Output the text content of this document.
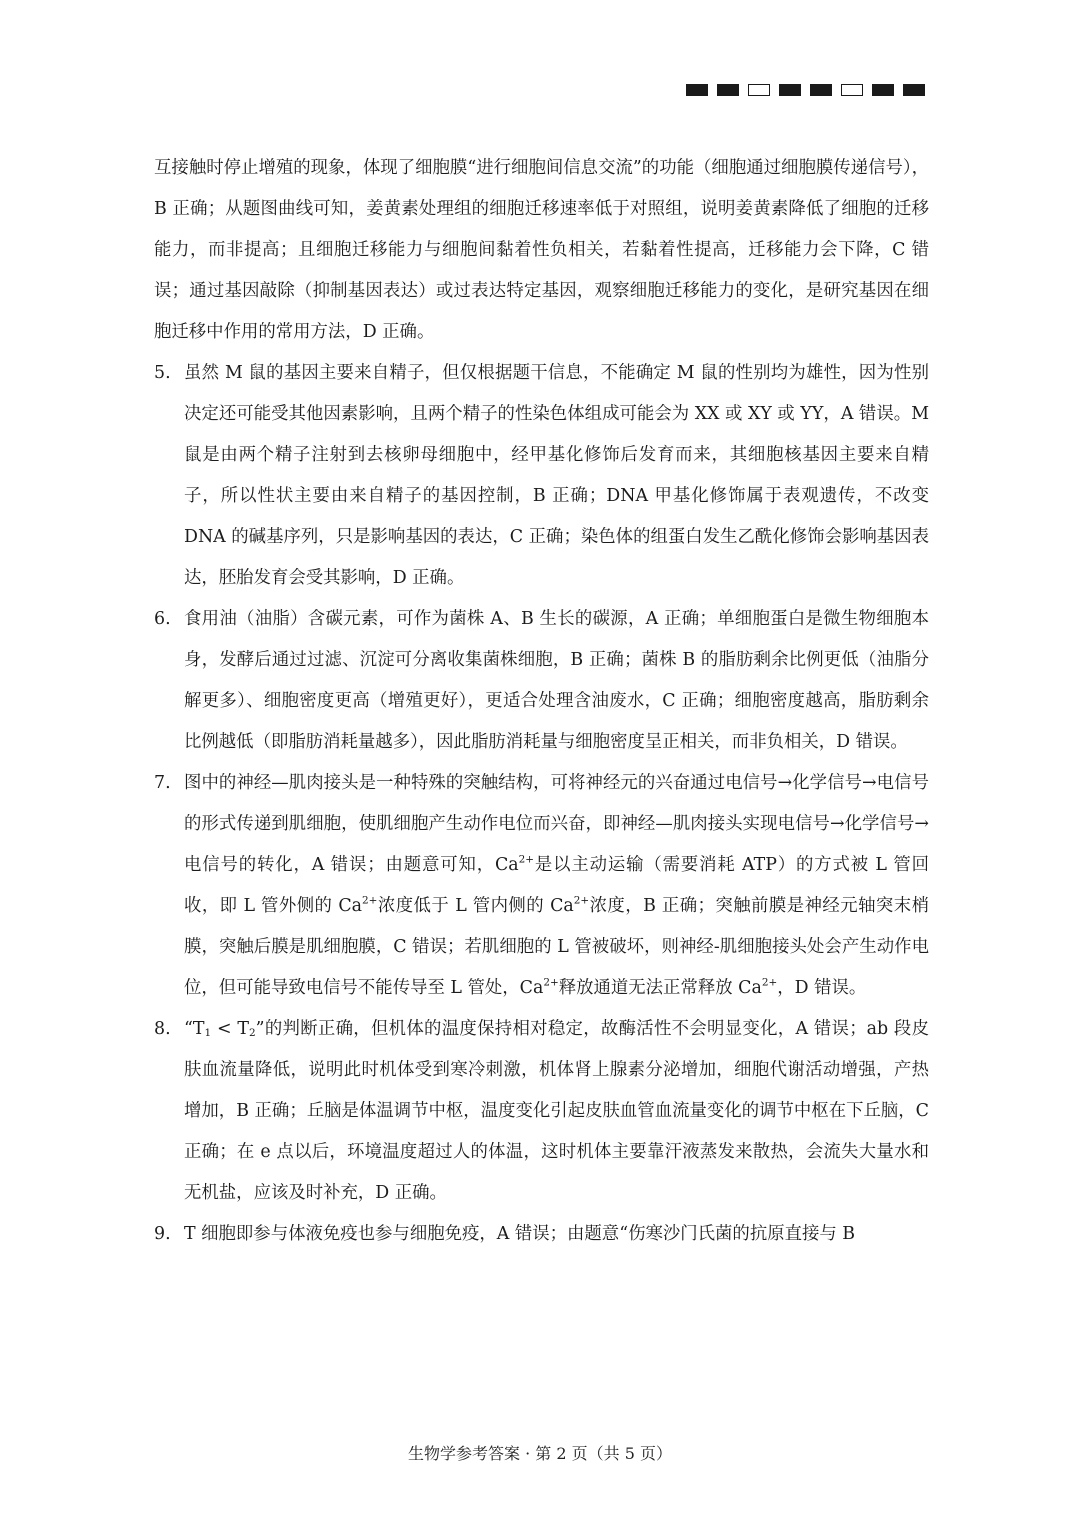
互接触时停止增殖的现象，体现了细胞膜“进行细胞间信息交流”的功能（细胞通过细胞膜传递信号），B 正确；从题图曲线可知，姜黄素处理组的细胞迁移速率低于对照组，说明姜黄素降低了细胞的迁移能力，而非提高；且细胞迁移能力与细胞间黏着性负相关，若黏着性提高，迁移能力会下降，C 错误；通过基因敲除（抑制基因表达）或过表达特定基因，观察细胞迁移能力的变化，是研究基因在细胞迁移中作用的常用方法，D 正确。

5. 虽然 M 鼠的基因主要来自精子，但仅根据题干信息，不能确定 M 鼠的性别均为雄性，因为性别决定还可能受其他因素影响，且两个精子的性染色体组成可能会为 XX 或 XY 或 YY，A 错误。M 鼠是由两个精子注射到去核卵母细胞中，经甲基化修饰后发育而来，其细胞核基因主要来自精子，所以性状主要由来自精子的基因控制，B 正确；DNA 甲基化修饰属于表观遗传，不改变 DNA 的碱基序列，只是影响基因的表达，C 正确；染色体的组蛋白发生乙酰化修饰会影响基因表达，胚胎发育会受其影响，D 正确。
6. 食用油（油脂）含碳元素，可作为菌株 A、B 生长的碳源，A 正确；单细胞蛋白是微生物细胞本身，发酵后通过过滤、沉淀可分离收集菌株细胞，B 正确；菌株 B 的脂肪剩余比例更低（油脂分解更多）、细胞密度更高（增殖更好），更适合处理含油废水，C 正确；细胞密度越高，脂肪剩余比例越低（即脂肪消耗量越多），因此脂肪消耗量与细胞密度呈正相关，而非负相关，D 错误。
7. 图中的神经—肌肉接头是一种特殊的突触结构，可将神经元的兴奋通过电信号→化学信号→电信号的形式传递到肌细胞，使肌细胞产生动作电位而兴奋，即神经—肌肉接头实现电信号→化学信号→电信号的转化，A 错误；由题意可知，$Ca^{2+}$是以主动运输（需要消耗 ATP）的方式被 L 管回收，即 L 管外侧的 $Ca^{2+}$浓度低于 L 管内侧的 $Ca^{2+}$浓度，B 正确；突触前膜是神经元轴突末梢膜，突触后膜是肌细胞膜，C 错误；若肌细胞的 L 管被破坏，则神经-肌细胞接头处会产生动作电位，但可能导致电信号不能传导至 L 管处，$Ca^{2+}$释放通道无法正常释放 $Ca^{2+}$，D 错误。
8. “$T_1 < T_2$”的判断正确，但机体的温度保持相对稳定，故酶活性不会明显变化，A 错误；ab 段皮肤血流量降低，说明此时机体受到寒冷刺激，机体肾上腺素分泌增加，细胞代谢活动增强，产热增加，B 正确；丘脑是体温调节中枢，温度变化引起皮肤血管血流量变化的调节中枢在下丘脑，C 正确；在 e 点以后，环境温度超过人的体温，这时机体主要靠汗液蒸发来散热，会流失大量水和无机盐，应该及时补充，D 正确。
9. T 细胞即参与体液免疫也参与细胞免疫，A 错误；由题意“伤寒沙门氏菌的抗原直接与 B
生物学参考答案 · 第 2 页（共 5 页）
